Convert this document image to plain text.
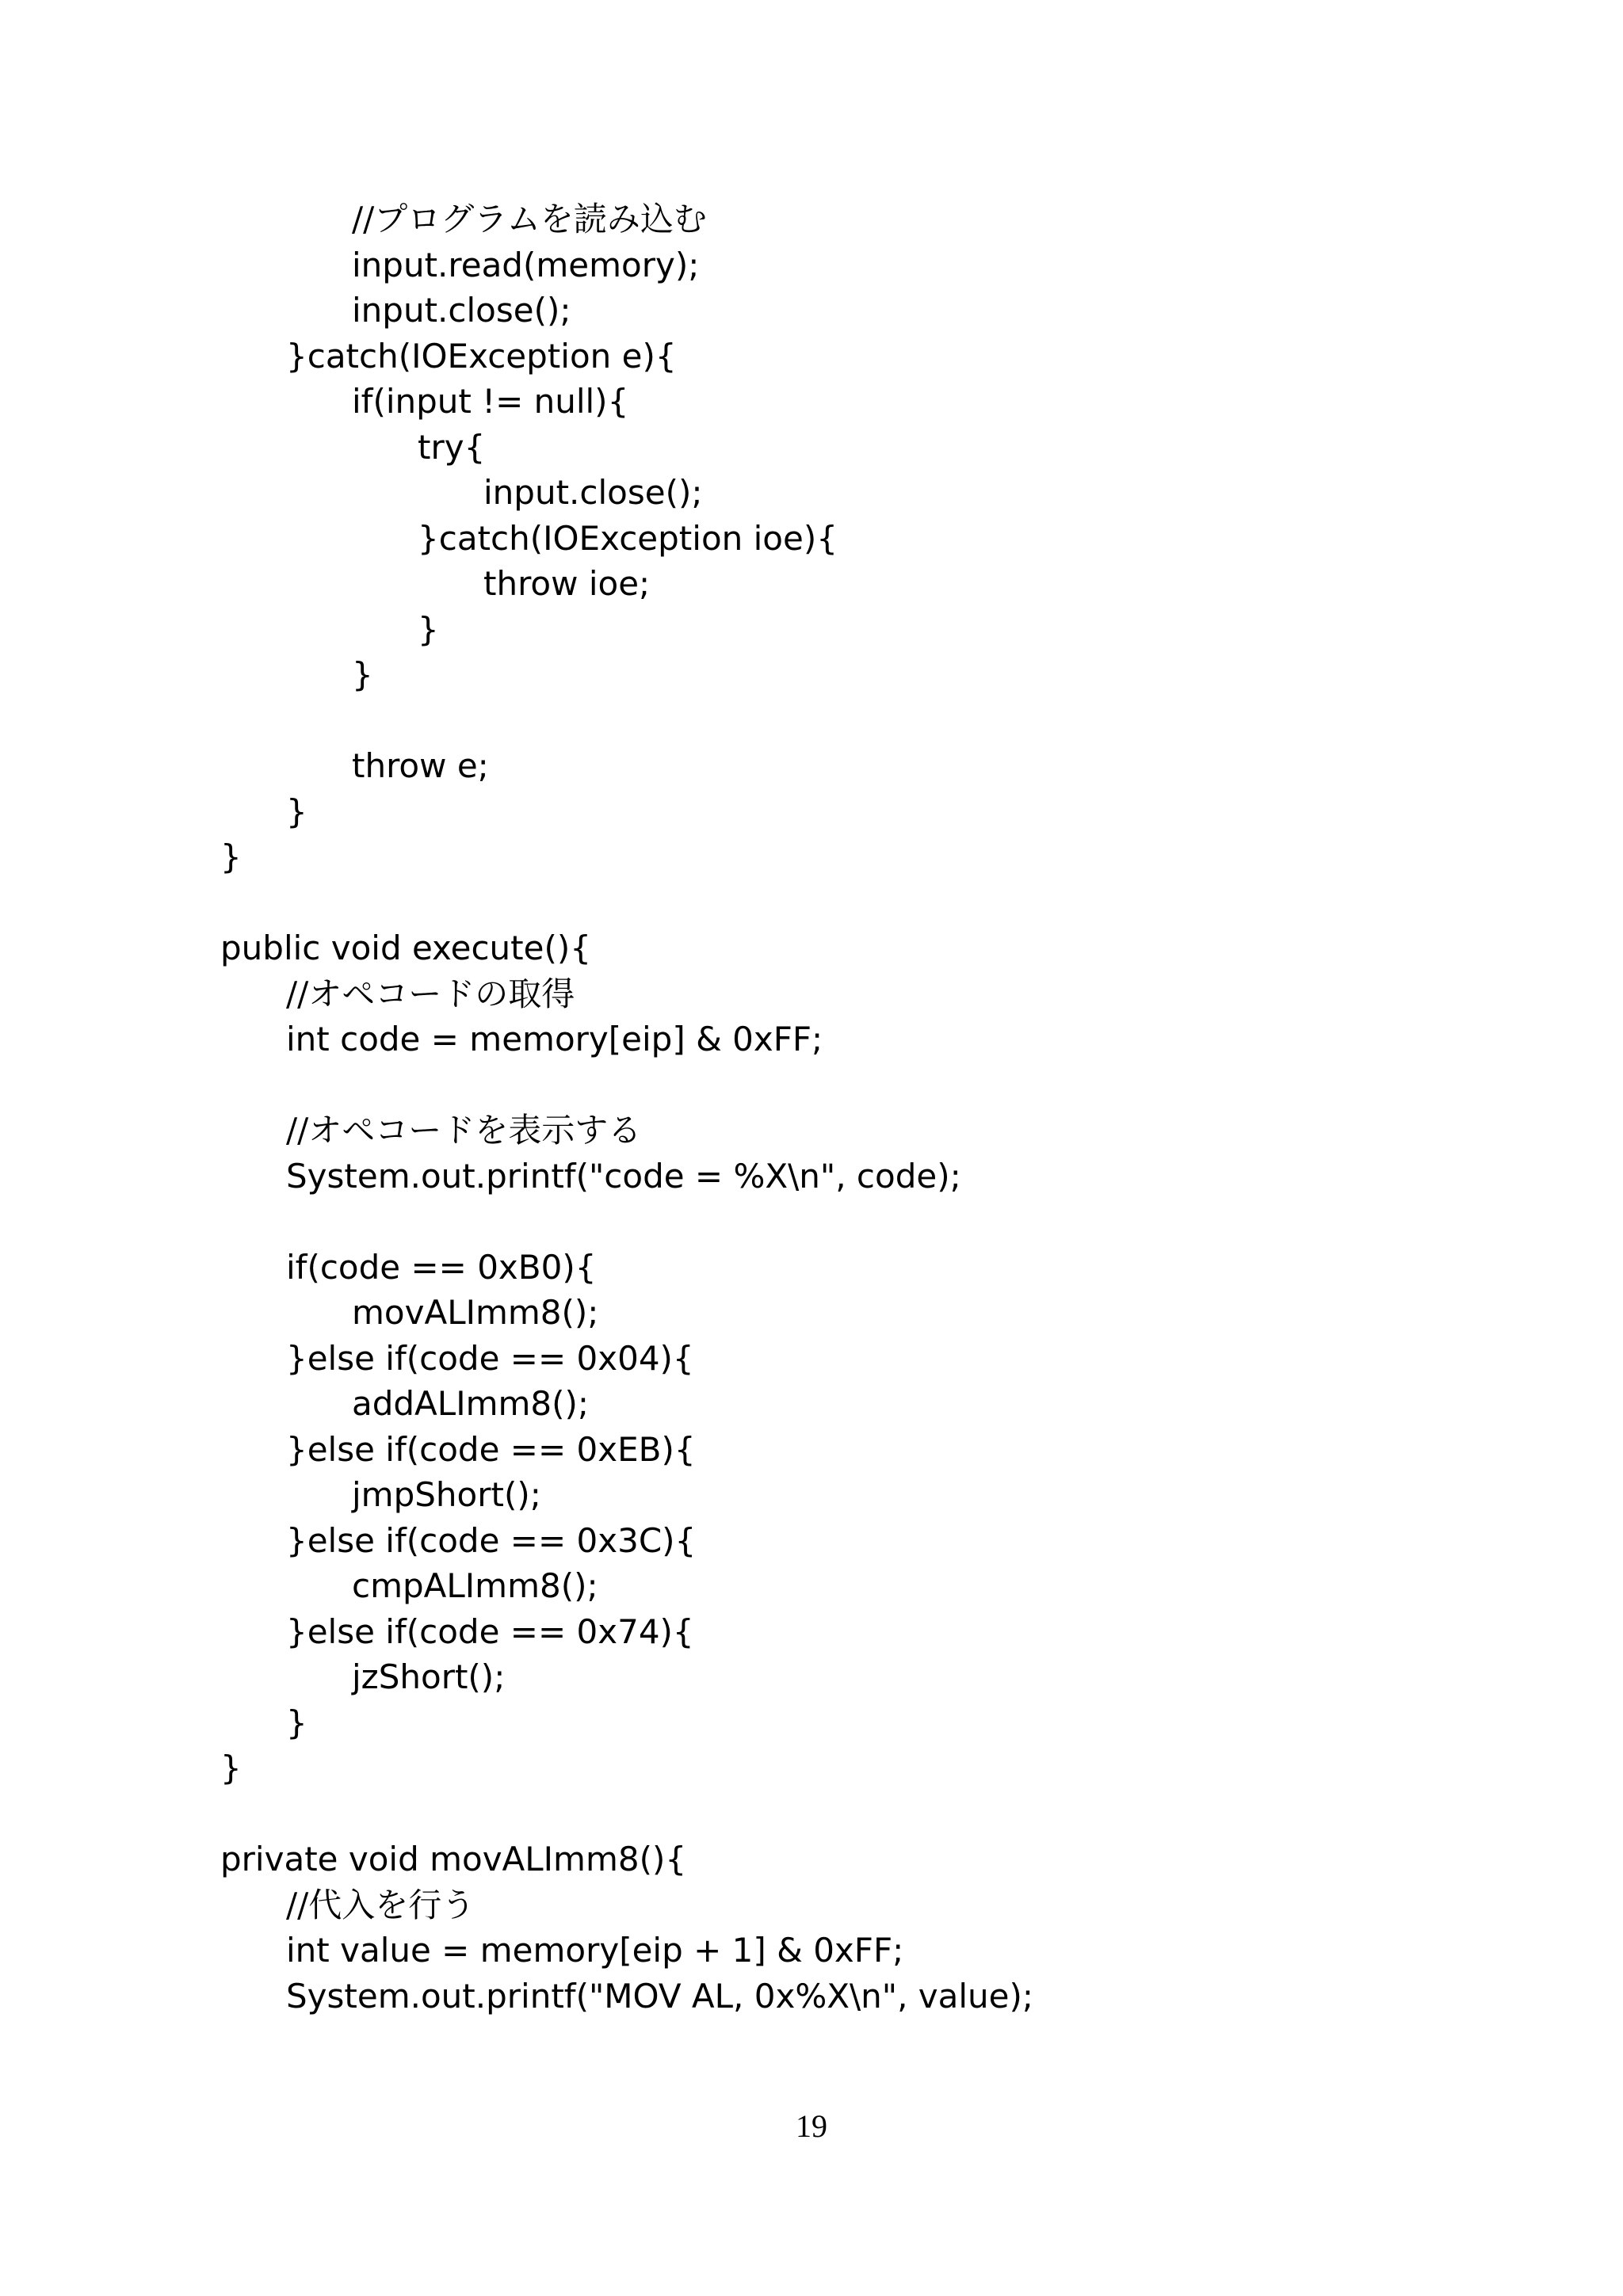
//プログラムを読み込む
input.read(memory);
input.close();
}catch(IOException e){
if(input != null){
try{
input.close();
}catch(IOException ioe){
throw ioe;
}
}
throw e;
}
}
public void execute(){
//オペコードの取得
int code = memory[eip] & 0xFF;
//オペコードを表示する
System.out.printf("code = %X\n", code);
if(code == 0xB0){
movALImm8();
}else if(code == 0x04){
addALImm8();
}else if(code == 0xEB){
jmpShort();
}else if(code == 0x3C){
cmpALImm8();
}else if(code == 0x74){
jzShort();
}
}
private void movALImm8(){
//代入を行う
int value = memory[eip + 1] & 0xFF;
System.out.printf("MOV AL, 0x%X\n", value);
19
